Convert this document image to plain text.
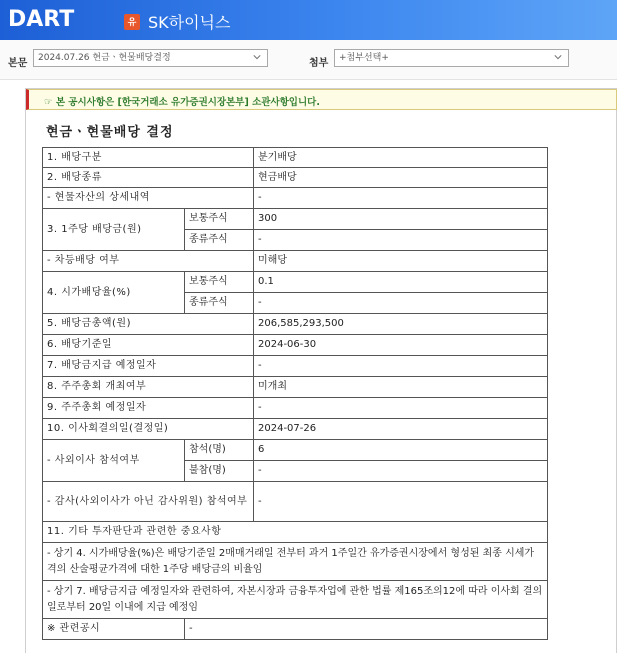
DART	유 SK하이닉스
본문	2024.07.26 현금ㆍ현물배당결정	첨부	+첨부선택+
☞ 본 공시사항은 [한국거래소 유가증권시장본부] 소관사항입니다.
현금ㆍ현물배당 결정
1. 배당구분		분기배당
2. 배당종류		현금배당
- 현물자산의 상세내역		-
3. 1주당 배당금(원)	보통주식	300
	종류주식	-
- 차등배당 여부		미해당
4. 시가배당율(%)	보통주식	0.1
	종류주식	-
5. 배당금총액(원)		206,585,293,500
6. 배당기준일		2024-06-30
7. 배당금지급 예정일자		-
8. 주주총회 개최여부		미개최
9. 주주총회 예정일자		-
10. 이사회결의일(결정일)		2024-07-26
- 사외이사 참석여부	참석(명)	6
	불참(명)	-
- 감사(사외이사가 아닌 감사위원) 참석여부		-
11. 기타 투자판단과 관련한 중요사항		
- 상기 4. 시가배당율(%)은 배당기준일 2매매거래일 전부터 과거 1주일간 유가증권시장에서 형성된 최종 시세가격의 산술평균가격에 대한 1주당 배당금의 비율임		
- 상기 7. 배당금지급 예정일자와 관련하여, 자본시장과 금융투자업에 관한 법률 제165조의12에 따라 이사회 결의일로부터 20일 이내에 지급 예정임		
※ 관련공시	-	
